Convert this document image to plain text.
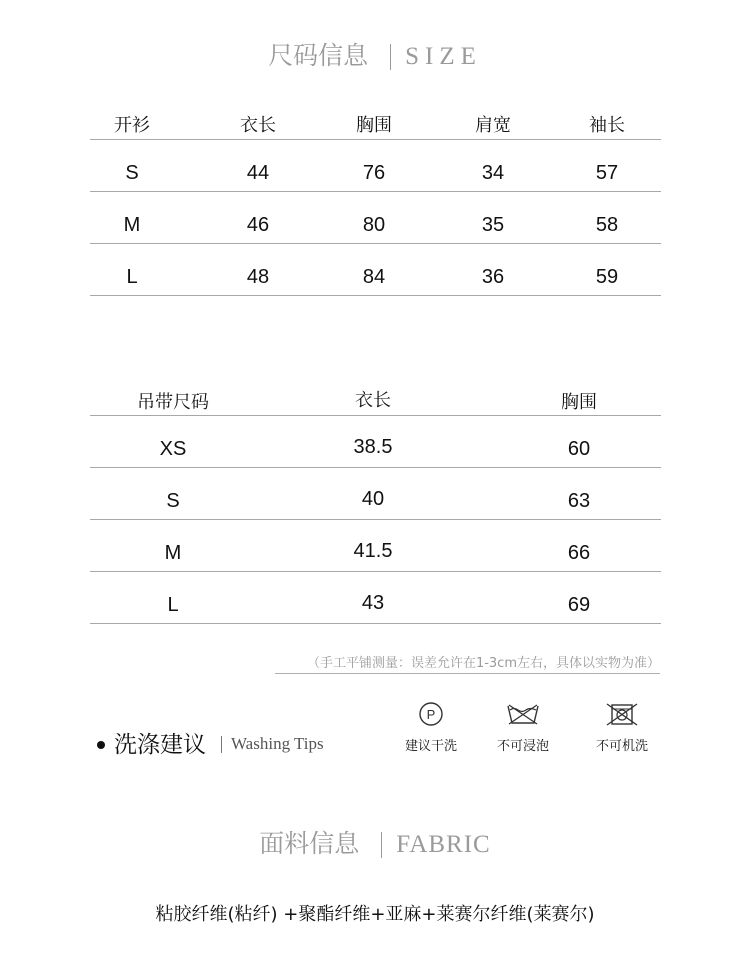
尺码信息 SIZE
开衫	衣长	胸围	肩宽	袖长
S	44	76	34	57
M	46	80	35	58
L	48	84	36	59
吊带尺码	衣长	胸围
XS	38.5	60
S	40	63
M	41.5	66
L	43	69
（手工平铺测量：误差允许在1-3cm左右，具体以实物为准）
洗涤建议 Washing Tips
P
建议干洗	不可浸泡	不可机洗
面料信息 FABRIC
粘胶纤维(粘纤) +聚酯纤维+亚麻+莱赛尔纤维(莱赛尔)
